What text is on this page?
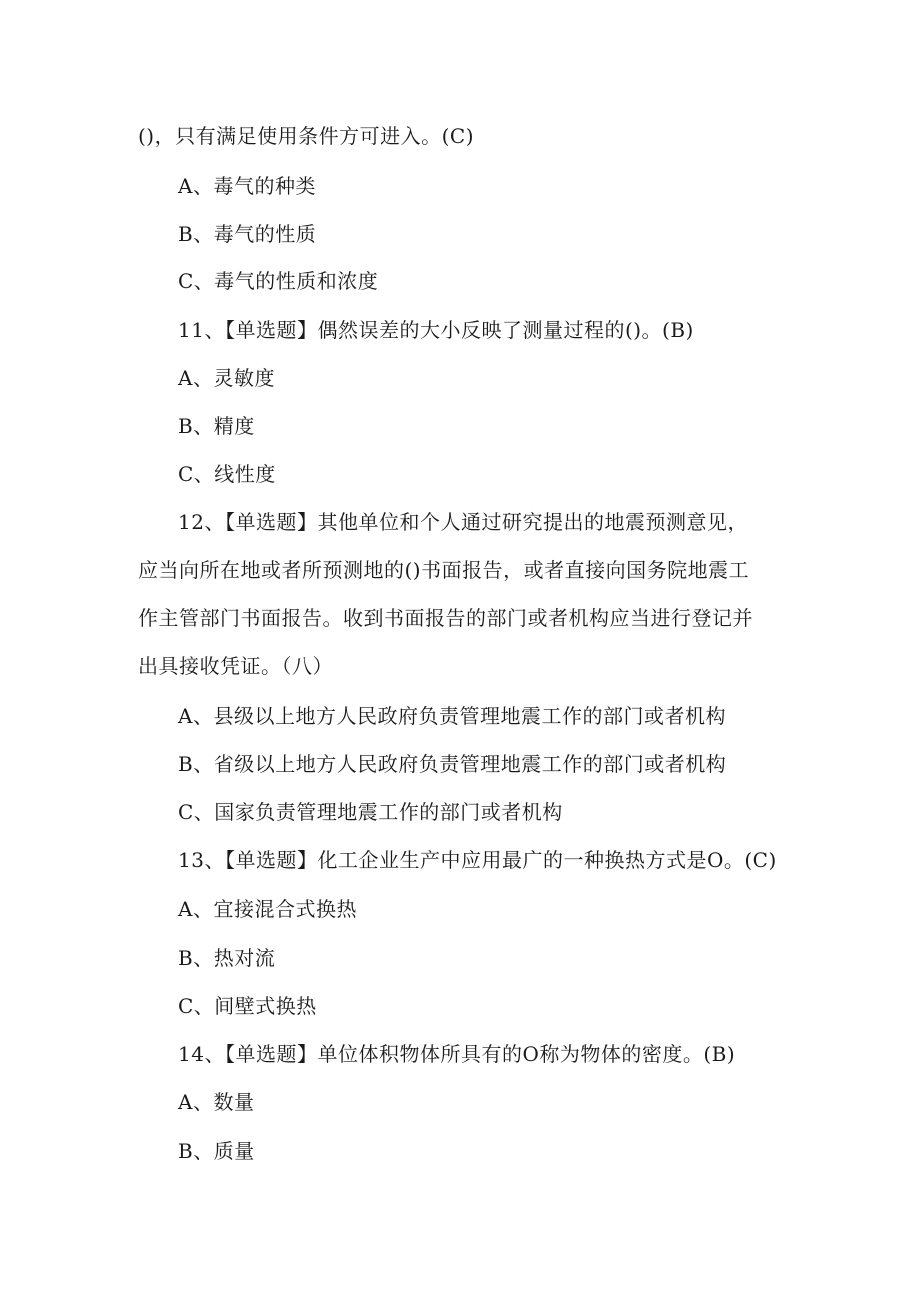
()，只有满足使用条件方可进入。(C)
A、毒气的种类
B、毒气的性质
C、毒气的性质和浓度
11、【单选题】偶然误差的大小反映了测量过程的()。(B)
A、灵敏度
B、精度
C、线性度
12、【单选题】其他单位和个人通过研究提出的地震预测意见，
应当向所在地或者所预测地的()书面报告，或者直接向国务院地震工
作主管部门书面报告。收到书面报告的部门或者机构应当进行登记并
出具接收凭证。（八）
A、县级以上地方人民政府负责管理地震工作的部门或者机构
B、省级以上地方人民政府负责管理地震工作的部门或者机构
C、国家负责管理地震工作的部门或者机构
13、【单选题】化工企业生产中应用最广的一种换热方式是O。(C)
A、宜接混合式换热
B、热对流
C、间壁式换热
14、【单选题】单位体积物体所具有的O称为物体的密度。(B)
A、数量
B、质量
